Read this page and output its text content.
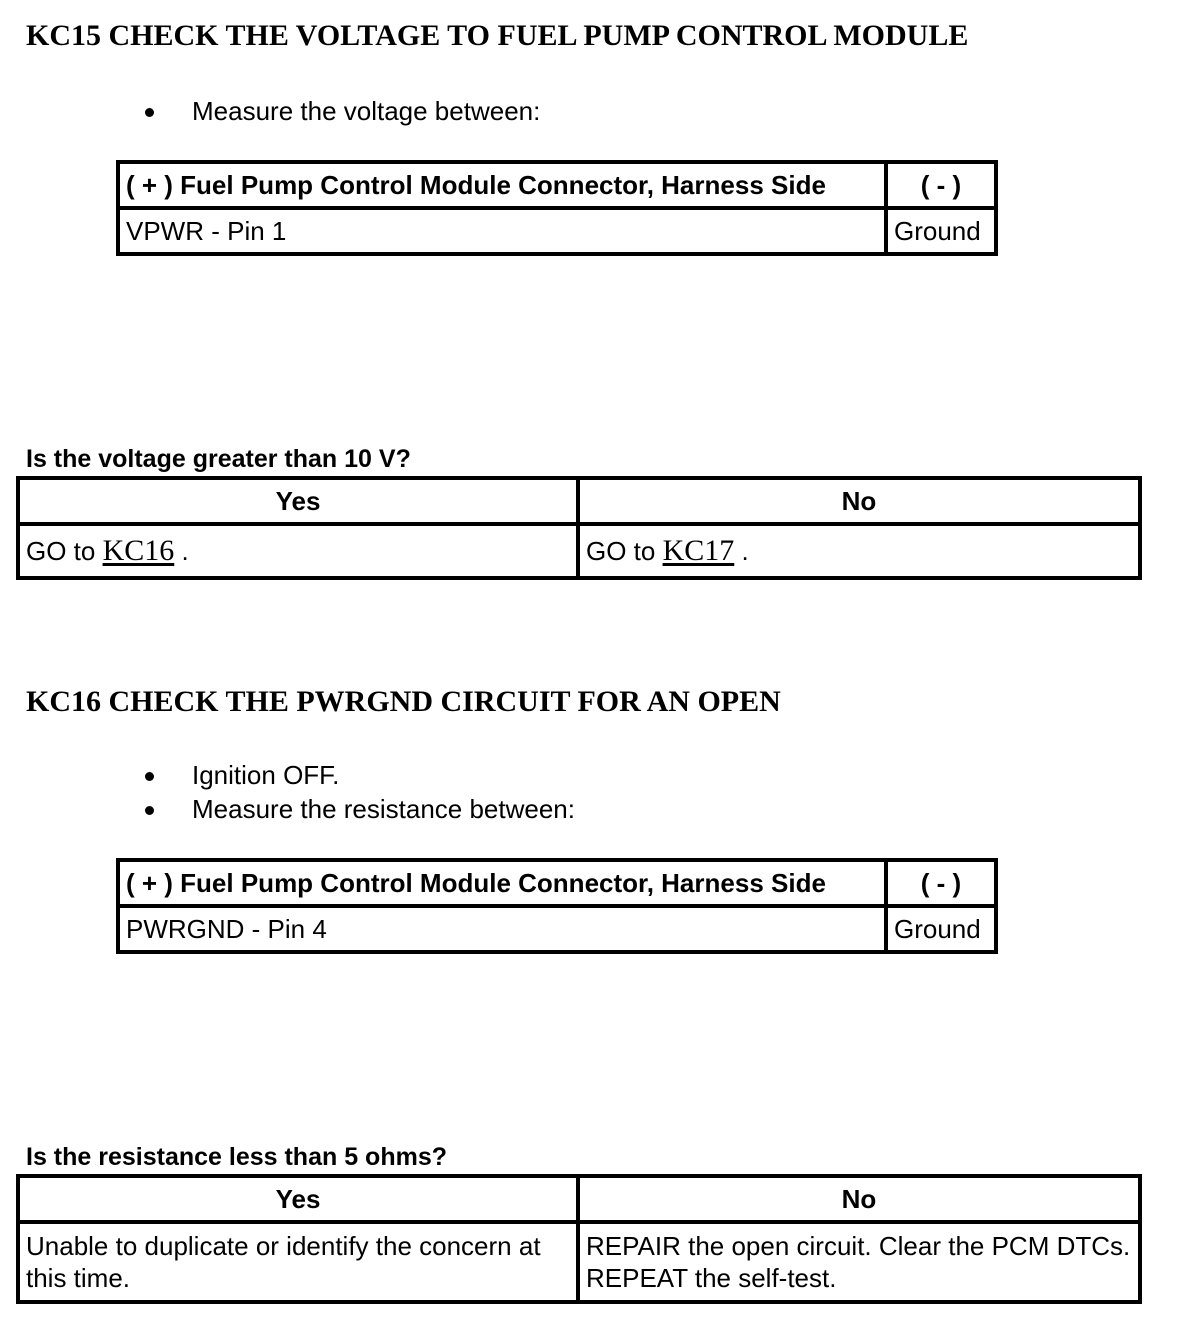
KC15 CHECK THE VOLTAGE TO FUEL PUMP CONTROL MODULE
Measure the voltage between:
( + ) Fuel Pump Control Module Connector, Harness Side	( - )
VPWR - Pin 1	Ground

Is the voltage greater than 10 V?

Yes	No
GO to KC16 .	GO to KC17 .
KC16 CHECK THE PWRGND CIRCUIT FOR AN OPEN
Ignition OFF.
Measure the resistance between:
( + ) Fuel Pump Control Module Connector, Harness Side	( - )
PWRGND - Pin 4	Ground

Is the resistance less than 5 ohms?

Yes	No
Unable to duplicate or identify the concern at this time.	REPAIR the open circuit. Clear the PCM DTCs. REPEAT the self-test.
